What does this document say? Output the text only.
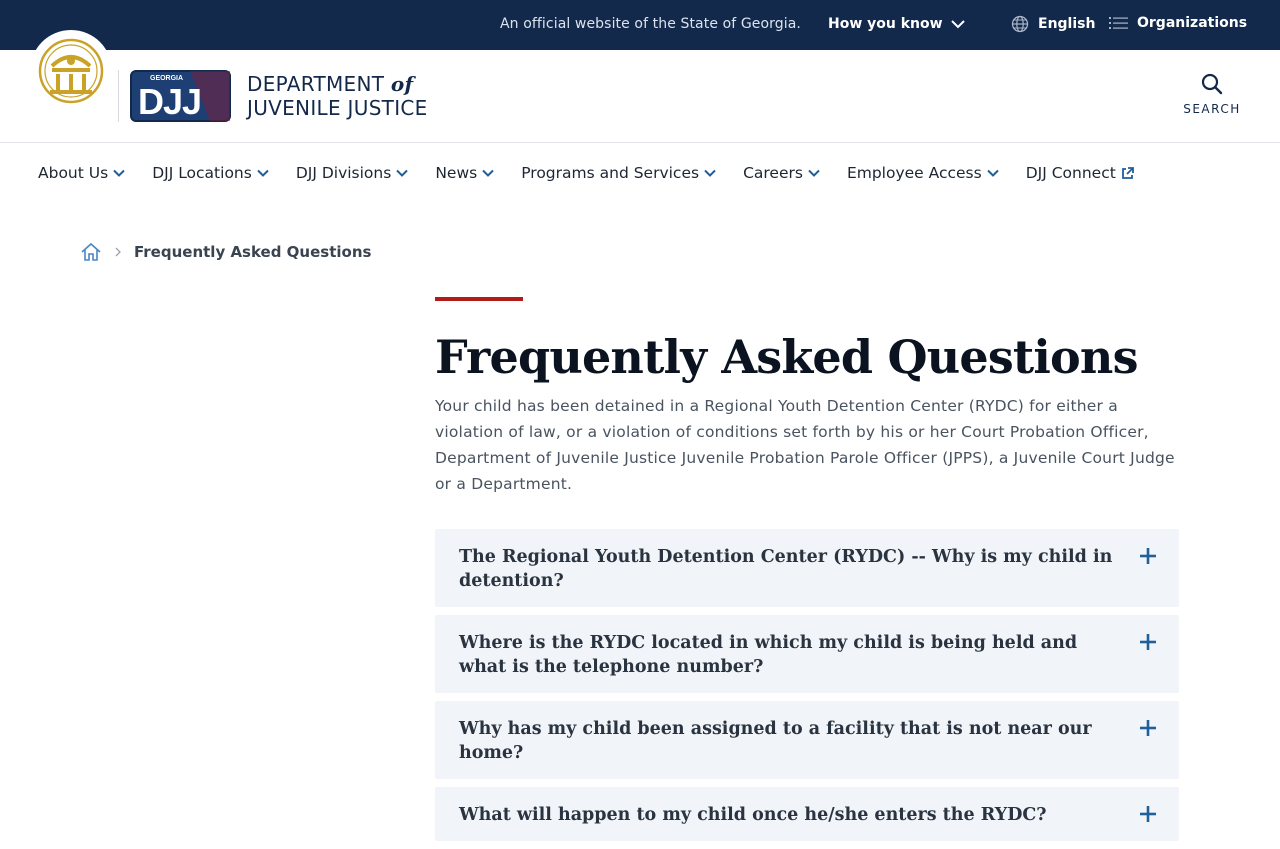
An official website of the State of Georgia. How you know	English	Organizations
GEORGIA
DJJ DEPARTMENT of
JUVENILE JUSTICE	SEARCH
About Us	DJJ Locations	DJJ Divisions	News	Programs and Services	Careers	Employee Access	DJJ Connect
Frequently Asked Questions
Frequently Asked Questions

Your child has been detained in a Regional Youth Detention Center (RYDC) for either a violation of law, or a violation of conditions set forth by his or her Court Probation Officer, Department of Juvenile Justice Juvenile Probation Parole Officer (JPPS), a Juvenile Court Judge or a Department.

The Regional Youth Detention Center (RYDC) -- Why is my child in detention?
Where is the RYDC located in which my child is being held and what is the telephone number?
Why has my child been assigned to a facility that is not near our home?
What will happen to my child once he/she enters the RYDC?
